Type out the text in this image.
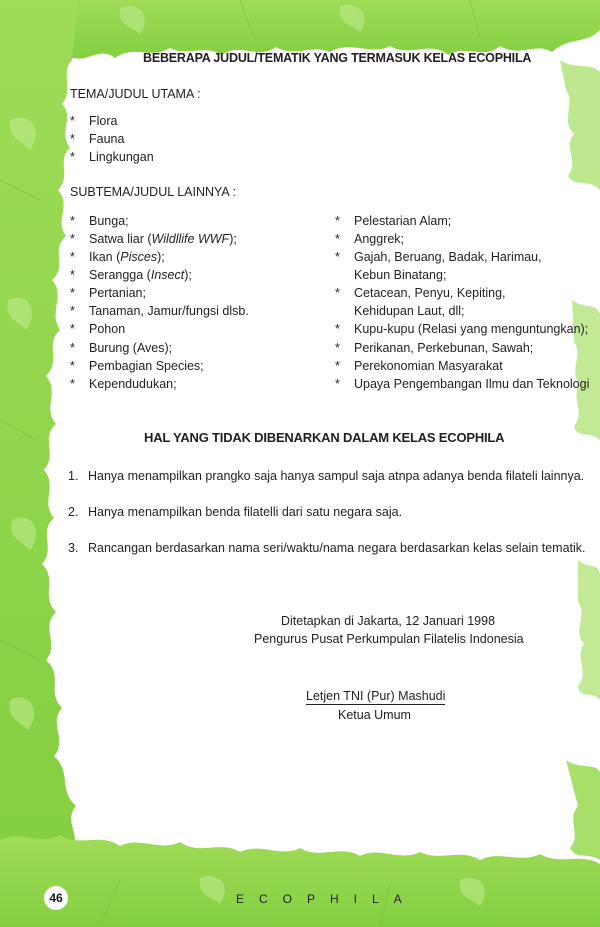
BEBERAPA JUDUL/TEMATIK YANG TERMASUK KELAS ECOPHILA
TEMA/JUDUL UTAMA :
* Flora
* Fauna
* Lingkungan
SUBTEMA/JUDUL LAINNYA :
* Bunga;
* Satwa liar (Wildllife WWF);
* Ikan (Pisces);
* Serangga (Insect);
* Pertanian;
* Tanaman, Jamur/fungsi dlsb.
* Pohon
* Burung (Aves);
* Pembagian Species;
* Kependudukan;
* Pelestarian Alam;
* Anggrek;
* Gajah, Beruang, Badak, Harimau,
Kebun Binatang;
* Cetacean, Penyu, Kepiting,
Kehidupan Laut, dll;
* Kupu-kupu (Relasi yang menguntungkan);
* Perikanan, Perkebunan, Sawah;
* Perekonomian Masyarakat
* Upaya Pengembangan Ilmu dan Teknologi
HAL YANG TIDAK DIBENARKAN DALAM KELAS ECOPHILA
1. Hanya menampilkan prangko saja hanya sampul saja atnpa adanya benda filateli lainnya.
2. Hanya menampilkan benda filatelli dari satu negara saja.
3. Rancangan berdasarkan nama seri/waktu/nama negara berdasarkan kelas selain tematik.
Ditetapkan di Jakarta, 12 Januari 1998
Pengurus Pusat Perkumpulan Filatelis Indonesia
Letjen TNI (Pur) Mashudi
Ketua Umum
46	ECOPHILA
